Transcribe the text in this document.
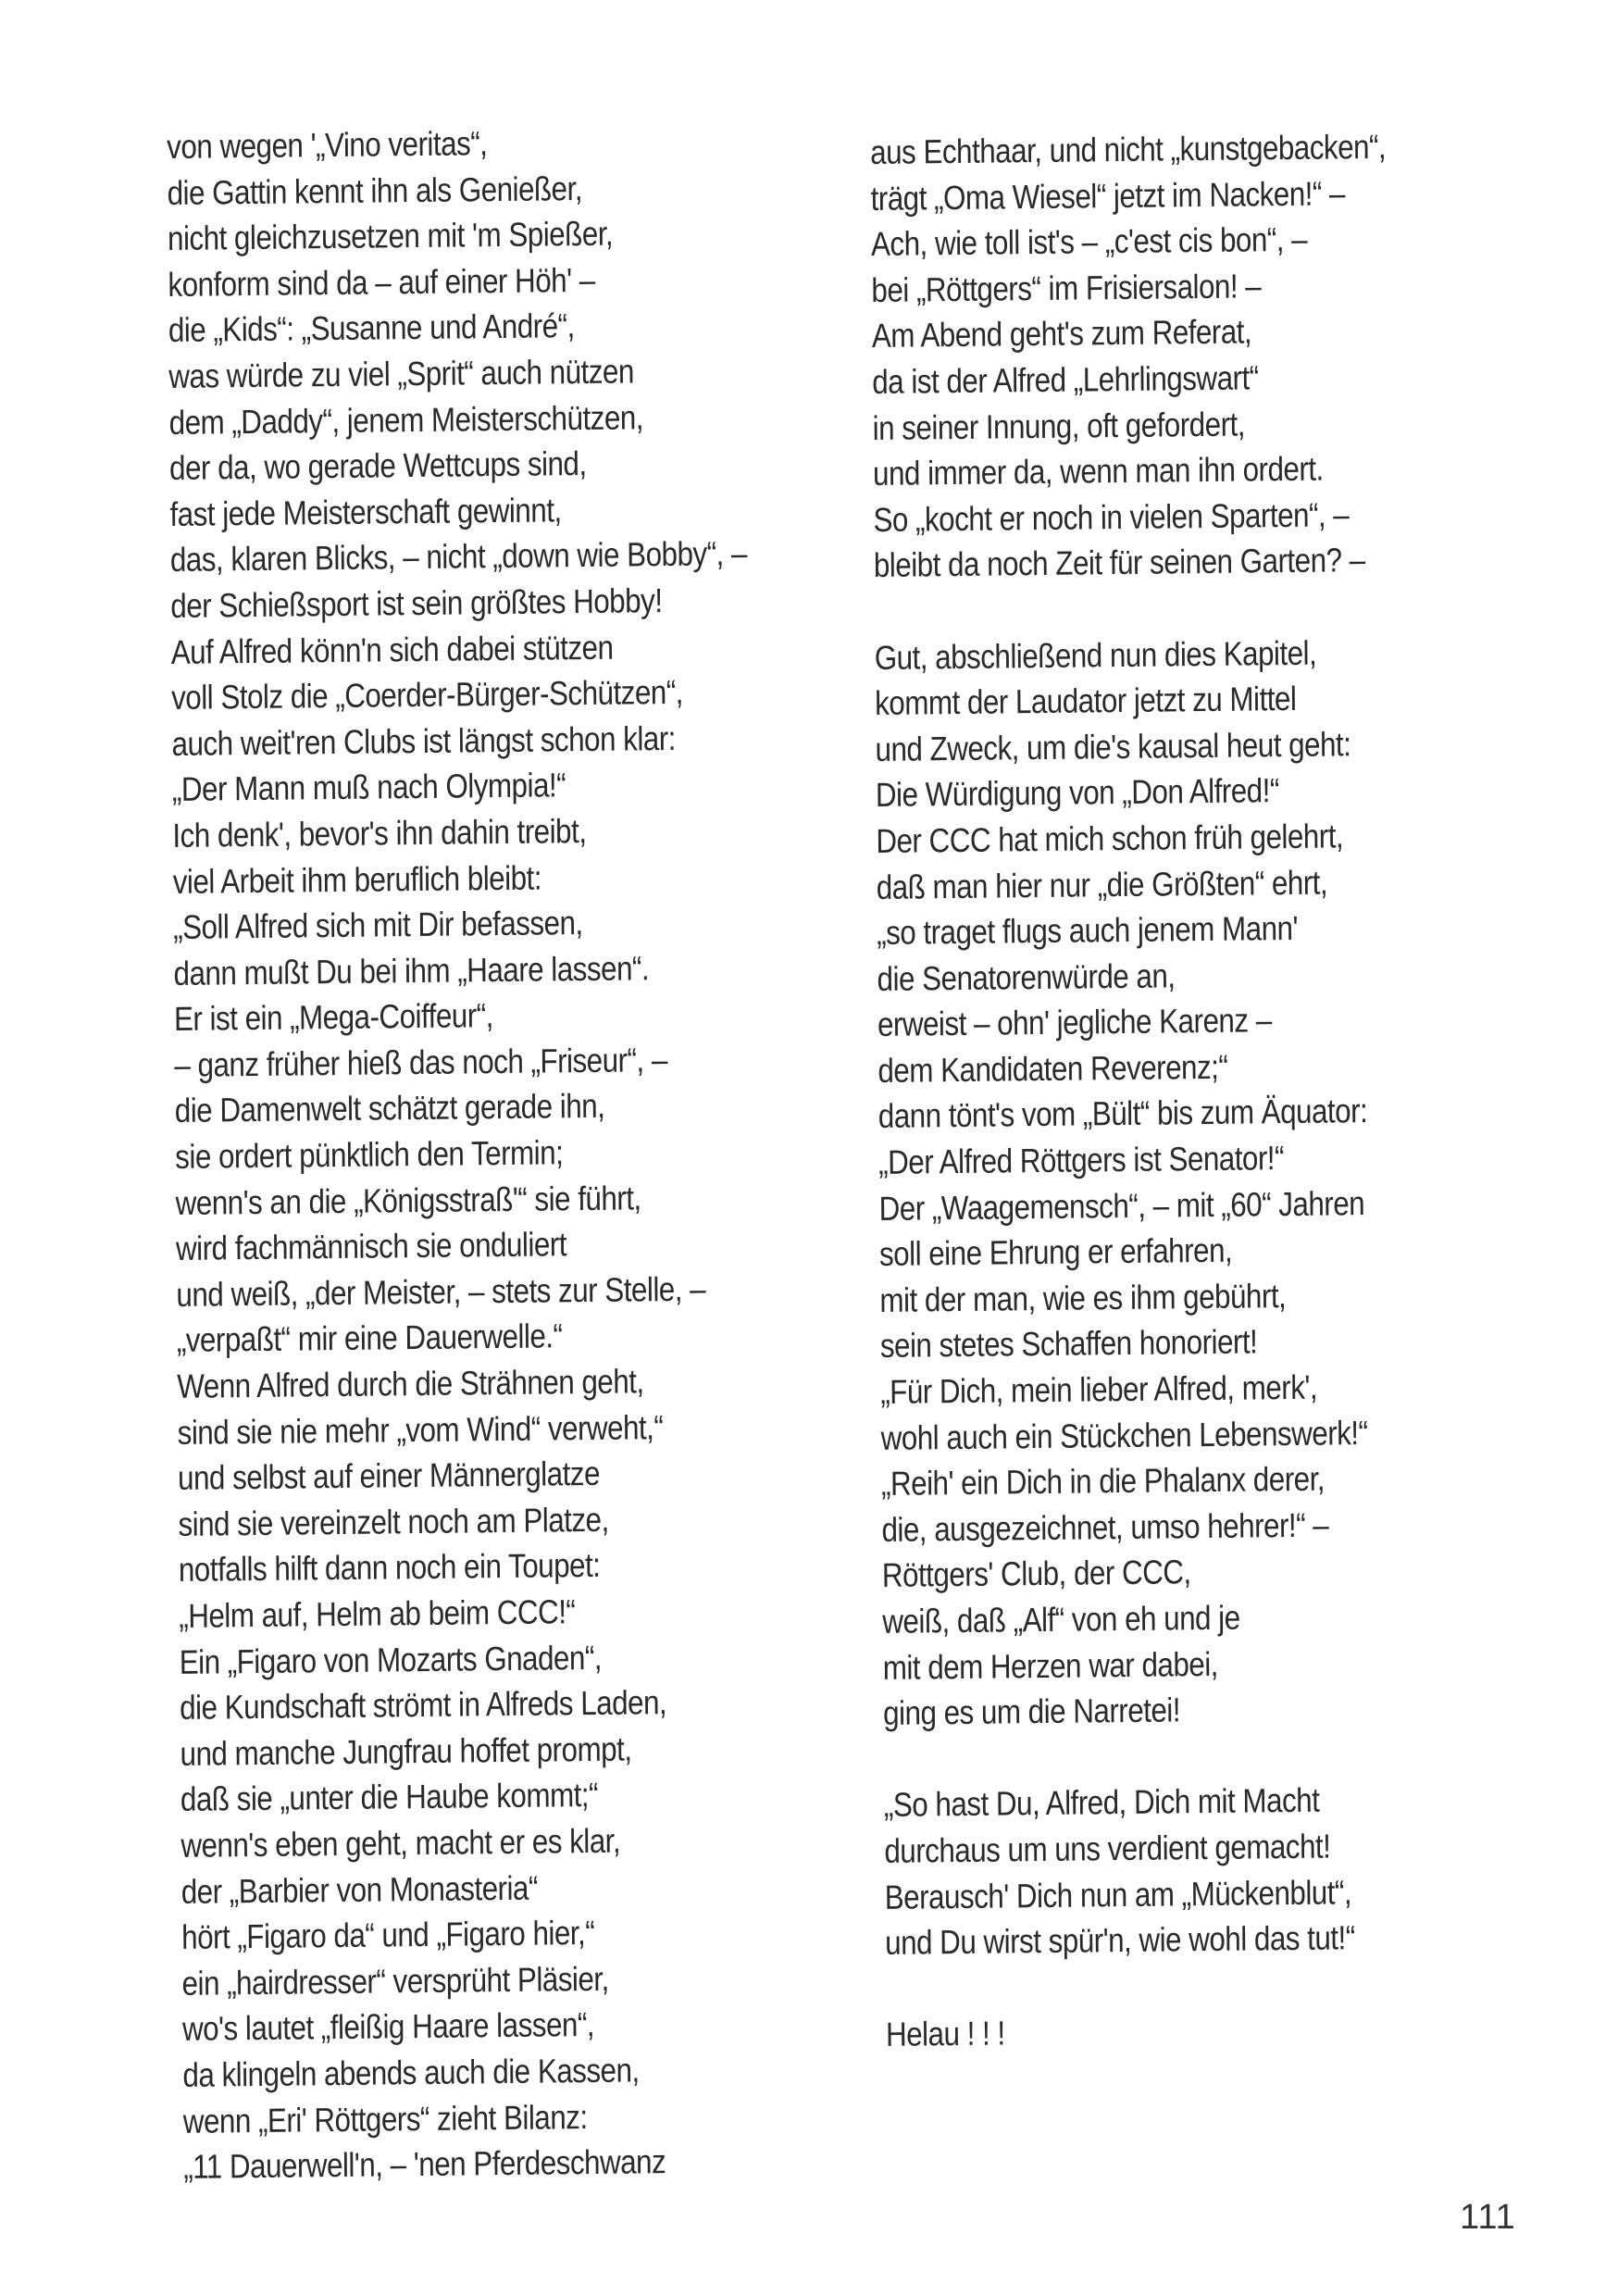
von wegen '„Vino veritas“,
die Gattin kennt ihn als Genießer,
nicht gleichzusetzen mit 'm Spießer,
konform sind da – auf einer Höh' –
die „Kids“: „Susanne und André“,
was würde zu viel „Sprit“ auch nützen
dem „Daddy“, jenem Meisterschützen,
der da, wo gerade Wettcups sind,
fast jede Meisterschaft gewinnt,
das, klaren Blicks, – nicht „down wie Bobby“, –
der Schießsport ist sein größtes Hobby!
Auf Alfred könn'n sich dabei stützen
voll Stolz die „Coerder-Bürger-Schützen“,
auch weit'ren Clubs ist längst schon klar:
„Der Mann muß nach Olympia!“
Ich denk', bevor's ihn dahin treibt,
viel Arbeit ihm beruflich bleibt:
„Soll Alfred sich mit Dir befassen,
dann mußt Du bei ihm „Haare lassen“.
Er ist ein „Mega-Coiffeur“,
– ganz früher hieß das noch „Friseur“, –
die Damenwelt schätzt gerade ihn,
sie ordert pünktlich den Termin;
wenn's an die „Königsstraß'“ sie führt,
wird fachmännisch sie onduliert
und weiß, „der Meister, – stets zur Stelle, –
„verpaßt“ mir eine Dauerwelle.“
Wenn Alfred durch die Strähnen geht,
sind sie nie mehr „vom Wind“ verweht,“
und selbst auf einer Männerglatze
sind sie vereinzelt noch am Platze,
notfalls hilft dann noch ein Toupet:
„Helm auf, Helm ab beim CCC!“
Ein „Figaro von Mozarts Gnaden“,
die Kundschaft strömt in Alfreds Laden,
und manche Jungfrau hoffet prompt,
daß sie „unter die Haube kommt;“
wenn's eben geht, macht er es klar,
der „Barbier von Monasteria“
hört „Figaro da“ und „Figaro hier,“
ein „hairdresser“ versprüht Pläsier,
wo's lautet „fleißig Haare lassen“,
da klingeln abends auch die Kassen,
wenn „Eri' Röttgers“ zieht Bilanz:
„11 Dauerwell'n, – 'nen Pferdeschwanz
aus Echthaar, und nicht „kunstgebacken“,
trägt „Oma Wiesel“ jetzt im Nacken!“ –
Ach, wie toll ist's – „c'est cis bon“, –
bei „Röttgers“ im Frisiersalon! –
Am Abend geht's zum Referat,
da ist der Alfred „Lehrlingswart“
in seiner Innung, oft gefordert,
und immer da, wenn man ihn ordert.
So „kocht er noch in vielen Sparten“, –
bleibt da noch Zeit für seinen Garten? –
Gut, abschließend nun dies Kapitel,
kommt der Laudator jetzt zu Mittel
und Zweck, um die's kausal heut geht:
Die Würdigung von „Don Alfred!“
Der CCC hat mich schon früh gelehrt,
daß man hier nur „die Größten“ ehrt,
„so traget flugs auch jenem Mann'
die Senatorenwürde an,
erweist – ohn' jegliche Karenz –
dem Kandidaten Reverenz;“
dann tönt's vom „Bült“ bis zum Äquator:
„Der Alfred Röttgers ist Senator!“
Der „Waagemensch“, – mit „60“ Jahren
soll eine Ehrung er erfahren,
mit der man, wie es ihm gebührt,
sein stetes Schaffen honoriert!
„Für Dich, mein lieber Alfred, merk',
wohl auch ein Stückchen Lebenswerk!“
„Reih' ein Dich in die Phalanx derer,
die, ausgezeichnet, umso hehrer!“ –
Röttgers' Club, der CCC,
weiß, daß „Alf“ von eh und je
mit dem Herzen war dabei,
ging es um die Narretei!
„So hast Du, Alfred, Dich mit Macht
durchaus um uns verdient gemacht!
Berausch' Dich nun am „Mückenblut“,
und Du wirst spür'n, wie wohl das tut!“
Helau ! ! !
111
